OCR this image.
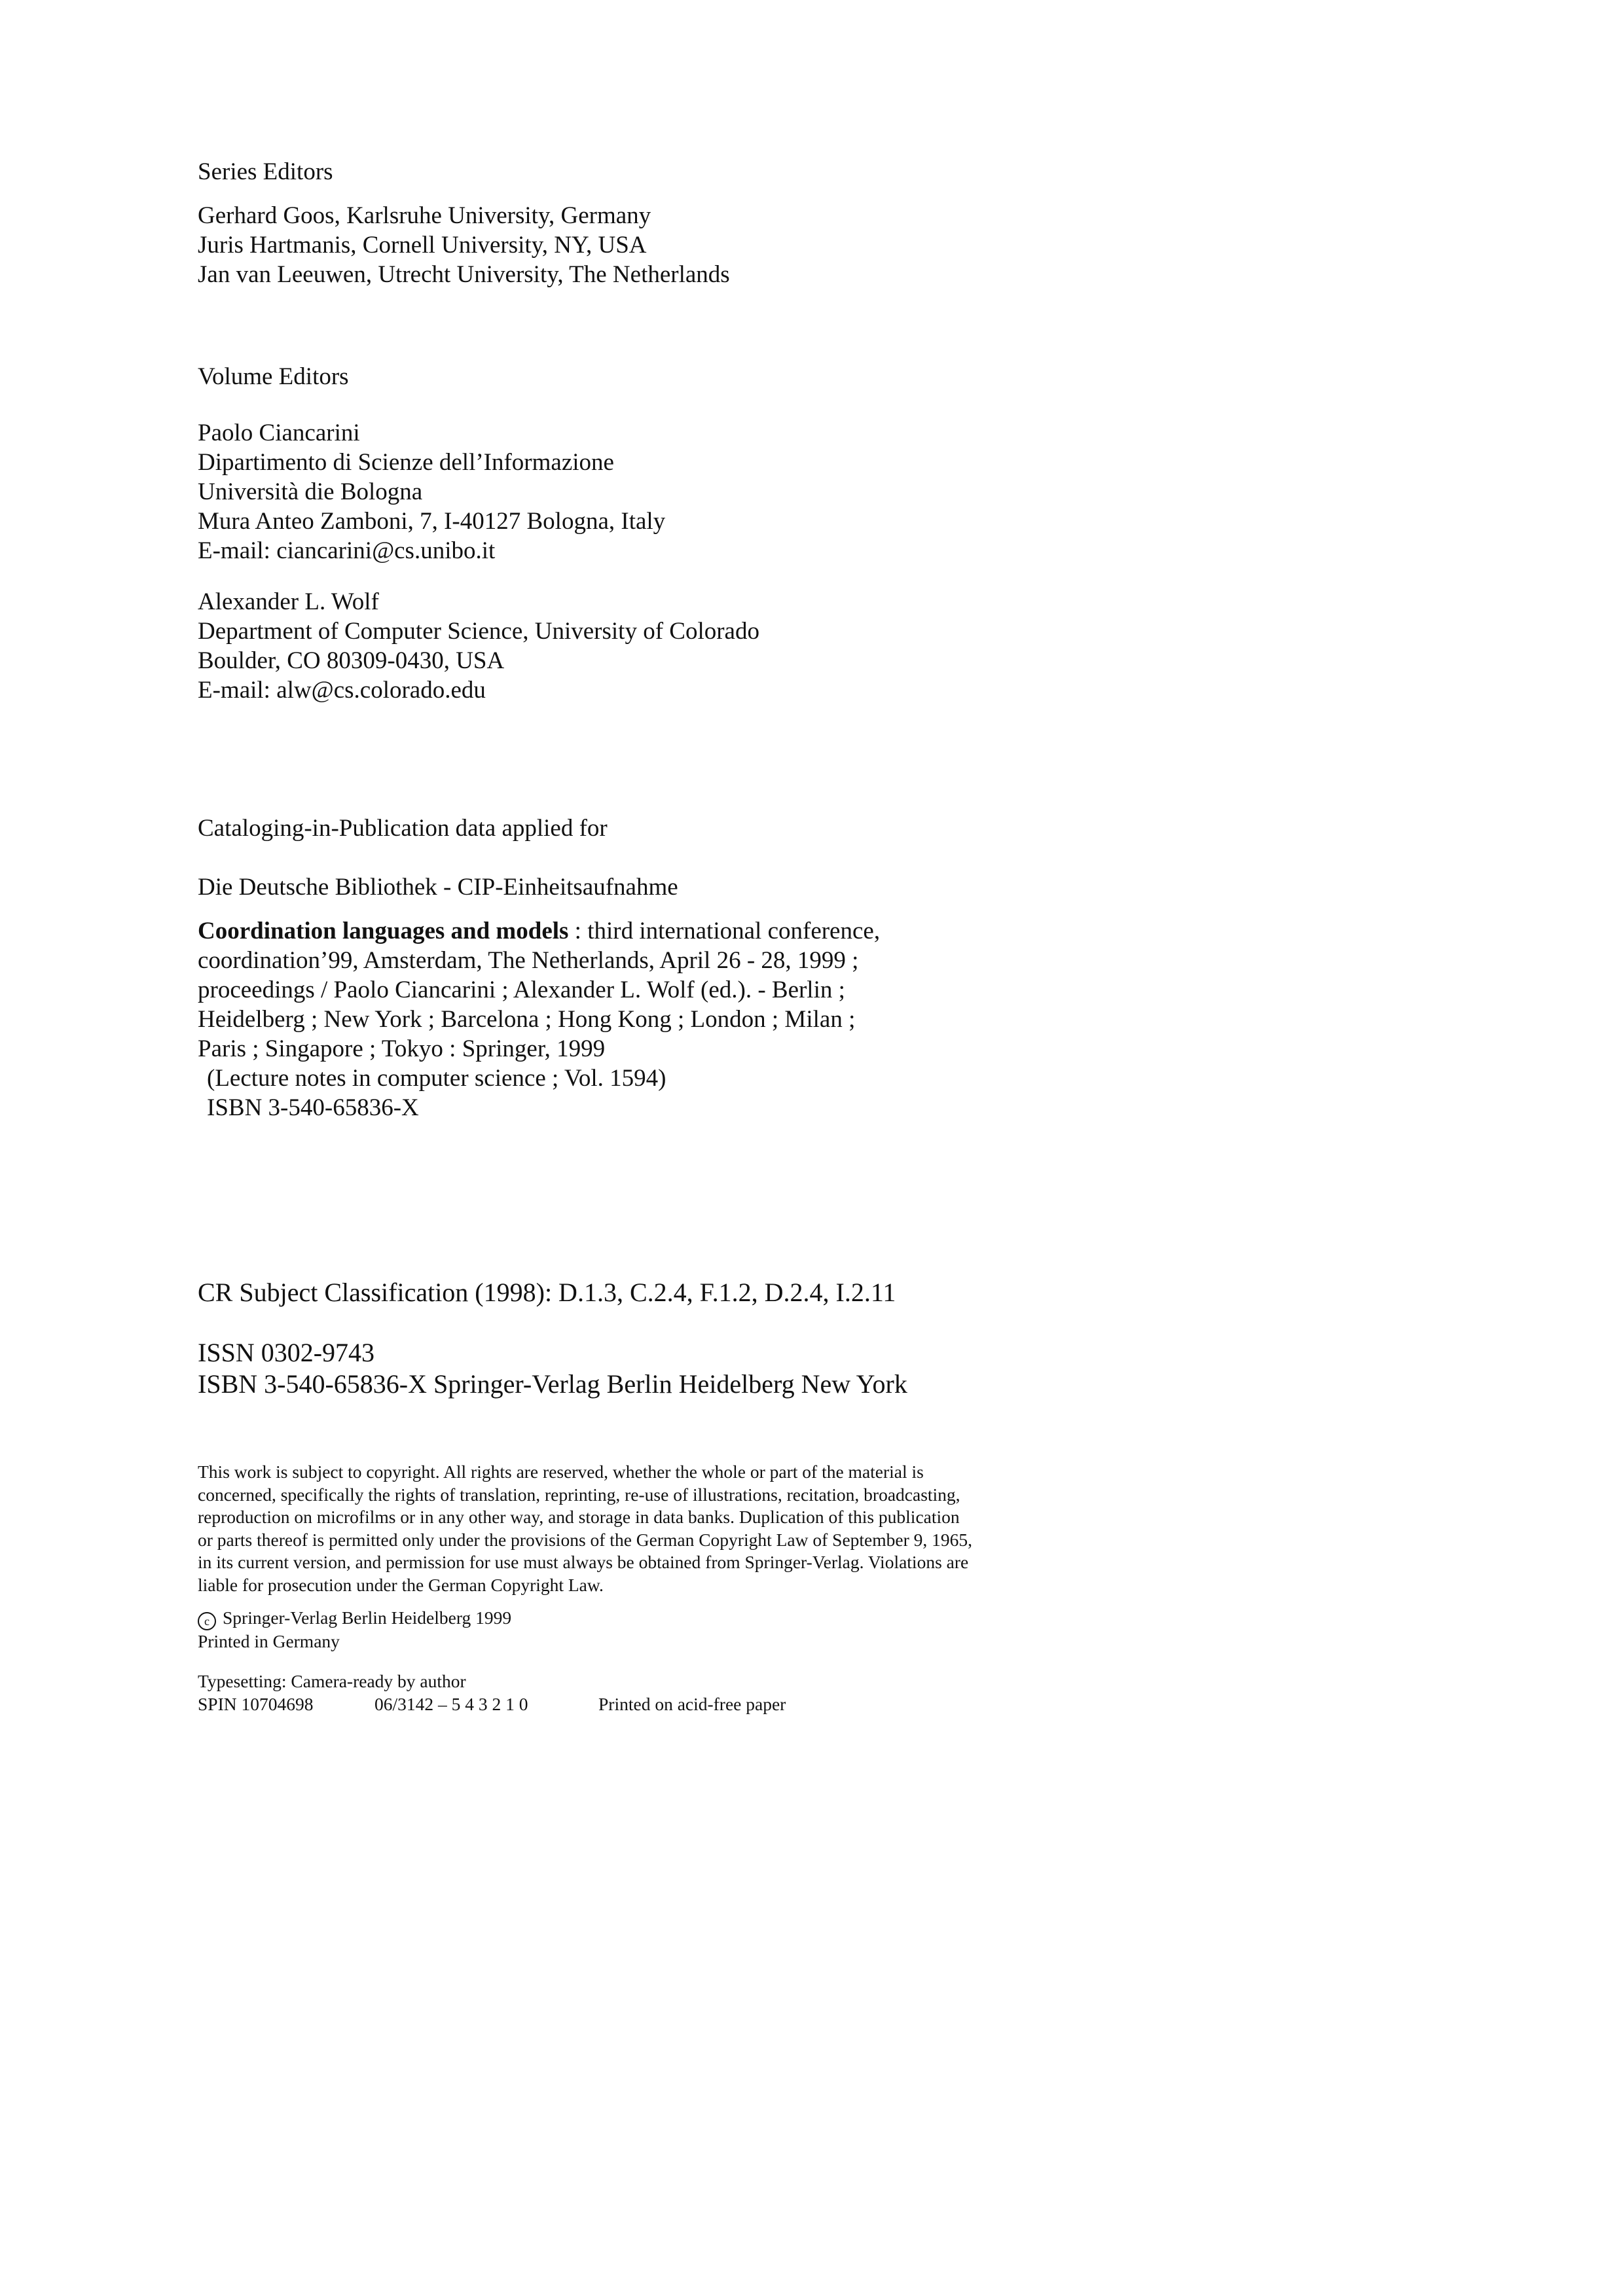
Series Editors

Gerhard Goos, Karlsruhe University, Germany

Juris Hartmanis, Cornell University, NY, USA

Jan van Leeuwen, Utrecht University, The Netherlands

Volume Editors

Paolo Ciancarini

Dipartimento di Scienze dell’Informazione

Università die Bologna

Mura Anteo Zamboni, 7, I-40127 Bologna, Italy

E-mail: ciancarini@cs.unibo.it

Alexander L. Wolf

Department of Computer Science, University of Colorado

Boulder, CO 80309-0430, USA

E-mail: alw@cs.colorado.edu

Cataloging-in-Publication data applied for

Die Deutsche Bibliothek - CIP-Einheitsaufnahme

Coordination languages and models : third international conference,

coordination’99, Amsterdam, The Netherlands, April 26 - 28, 1999 ;

proceedings / Paolo Ciancarini ; Alexander L. Wolf (ed.). - Berlin ;

Heidelberg ; New York ; Barcelona ; Hong Kong ; London ; Milan ;

Paris ; Singapore ; Tokyo : Springer, 1999

(Lecture notes in computer science ; Vol. 1594)

ISBN 3-540-65836-X

CR Subject Classification (1998): D.1.3, C.2.4, F.1.2, D.2.4, I.2.11

ISSN 0302-9743

ISBN 3-540-65836-X Springer-Verlag Berlin Heidelberg New York

This work is subject to copyright. All rights are reserved, whether the whole or part of the material is
concerned, specifically the rights of translation, reprinting, re-use of illustrations, recitation, broadcasting,
reproduction on microfilms or in any other way, and storage in data banks. Duplication of this publication
or parts thereof is permitted only under the provisions of the German Copyright Law of September 9, 1965,
in its current version, and permission for use must always be obtained from Springer-Verlag. Violations are
liable for prosecution under the German Copyright Law.

c Springer-Verlag Berlin Heidelberg 1999

Printed in Germany

Typesetting: Camera-ready by author

SPIN 10704698	06/3142 – 5 4 3 2 1 0	Printed on acid-free paper
